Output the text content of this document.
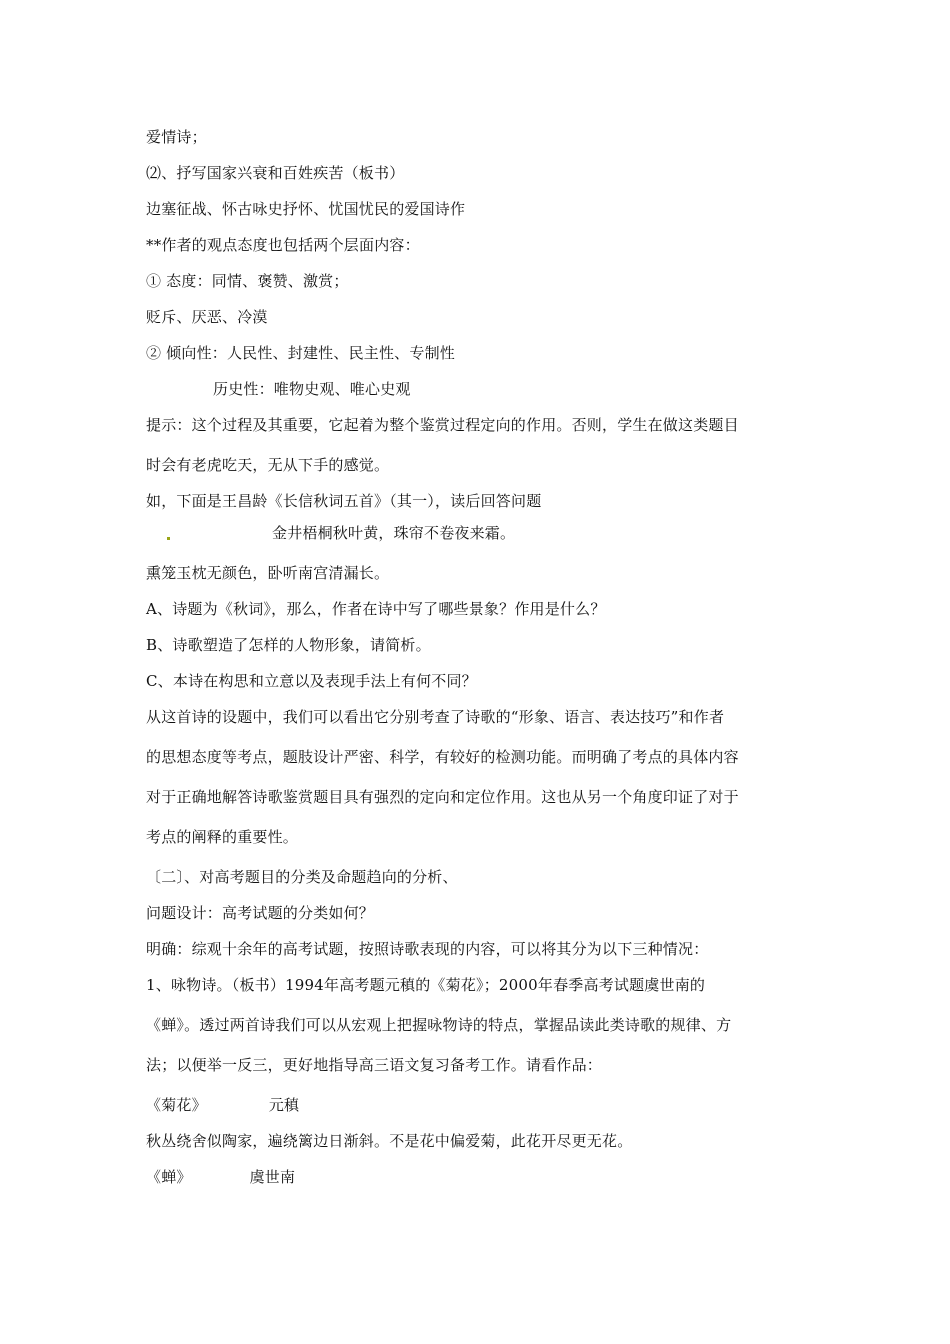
爱情诗；
⑵、抒写国家兴衰和百姓疾苦（板书）
边塞征战、怀古咏史抒怀、忧国忧民的爱国诗作
**作者的观点态度也包括两个层面内容：
① 态度：同情、褒赞、激赏；
贬斥、厌恶、冷漠
② 倾向性：人民性、封建性、民主性、专制性
历史性：唯物史观、唯心史观
提示：这个过程及其重要，它起着为整个鉴赏过程定向的作用。否则，学生在做这类题目
时会有老虎吃天，无从下手的感觉。
如，下面是王昌龄《长信秋词五首》（其一），读后回答问题
金井梧桐秋叶黄，珠帘不卷夜来霜。
熏笼玉枕无颜色，卧听南宫清漏长。
A、诗题为《秋词》，那么，作者在诗中写了哪些景象？作用是什么？
B、诗歌塑造了怎样的人物形象，请简析。
C、本诗在构思和立意以及表现手法上有何不同？
从这首诗的设题中，我们可以看出它分别考查了诗歌的“形象、语言、表达技巧”和作者
的思想态度等考点，题肢设计严密、科学，有较好的检测功能。而明确了考点的具体内容
对于正确地解答诗歌鉴赏题目具有强烈的定向和定位作用。这也从另一个角度印证了对于
考点的阐释的重要性。
〔二〕、对高考题目的分类及命题趋向的分析、
问题设计：高考试题的分类如何？
明确：综观十余年的高考试题，按照诗歌表现的内容，可以将其分为以下三种情况：
1、咏物诗。（板书）1994年高考题元稹的《菊花》；2000年春季高考试题虞世南的
《蝉》。透过两首诗我们可以从宏观上把握咏物诗的特点，掌握品读此类诗歌的规律、方
法；以便举一反三，更好地指导高三语文复习备考工作。请看作品：
《菊花》	元稹
秋丛绕舍似陶家，遍绕篱边日渐斜。不是花中偏爱菊，此花开尽更无花。
《蝉》	虞世南
